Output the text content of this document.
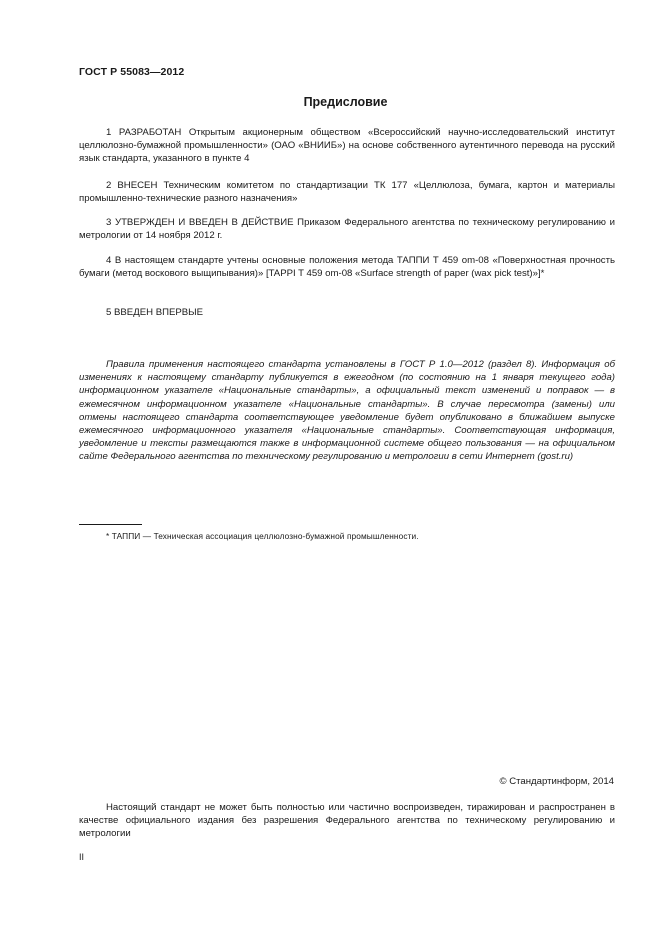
ГОСТ Р 55083—2012
Предисловие

1 РАЗРАБОТАН Открытым акционерным обществом «Всероссийский научно-исследовательский институт целлюлозно-бумажной промышленности» (ОАО «ВНИИБ») на основе собственного аутентичного перевода на русский язык стандарта, указанного в пункте 4

2 ВНЕСЕН Техническим комитетом по стандартизации ТК 177 «Целлюлоза, бумага, картон и материалы промышленно-технические разного назначения»

3 УТВЕРЖДЕН И ВВЕДЕН В ДЕЙСТВИЕ Приказом Федерального агентства по техническому регулированию и метрологии от 14 ноября 2012 г.

4 В настоящем стандарте учтены основные положения метода ТАППИ Т 459 om-08 «Поверхностная прочность бумаги (метод воскового выщипывания)» [TAPPI T 459 om-08 «Surface strength of paper (wax pick test)»]*

5 ВВЕДЕН ВПЕРВЫЕ

Правила применения настоящего стандарта установлены в ГОСТ Р 1.0—2012 (раздел 8). Информация об изменениях к настоящему стандарту публикуется в ежегодном (по состоянию на 1 января текущего года) информационном указателе «Национальные стандарты», а официальный текст изменений и поправок — в ежемесячном информационном указателе «Национальные стандарты». В случае пересмотра (замены) или отмены настоящего стандарта соответствующее уведомление будет опубликовано в ближайшем выпуске ежемесячного информационного указателя «Национальные стандарты». Соответствующая информация, уведомление и тексты размещаются также в информационной системе общего пользования — на официальном сайте Федерального агентства по техническому регулированию и метрологии в сети Интернет (gost.ru)

* ТАППИ — Техническая ассоциация целлюлозно-бумажной промышленности.
© Стандартинформ, 2014

Настоящий стандарт не может быть полностью или частично воспроизведен, тиражирован и распространен в качестве официального издания без разрешения Федерального агентства по техническому регулированию и метрологии

II
